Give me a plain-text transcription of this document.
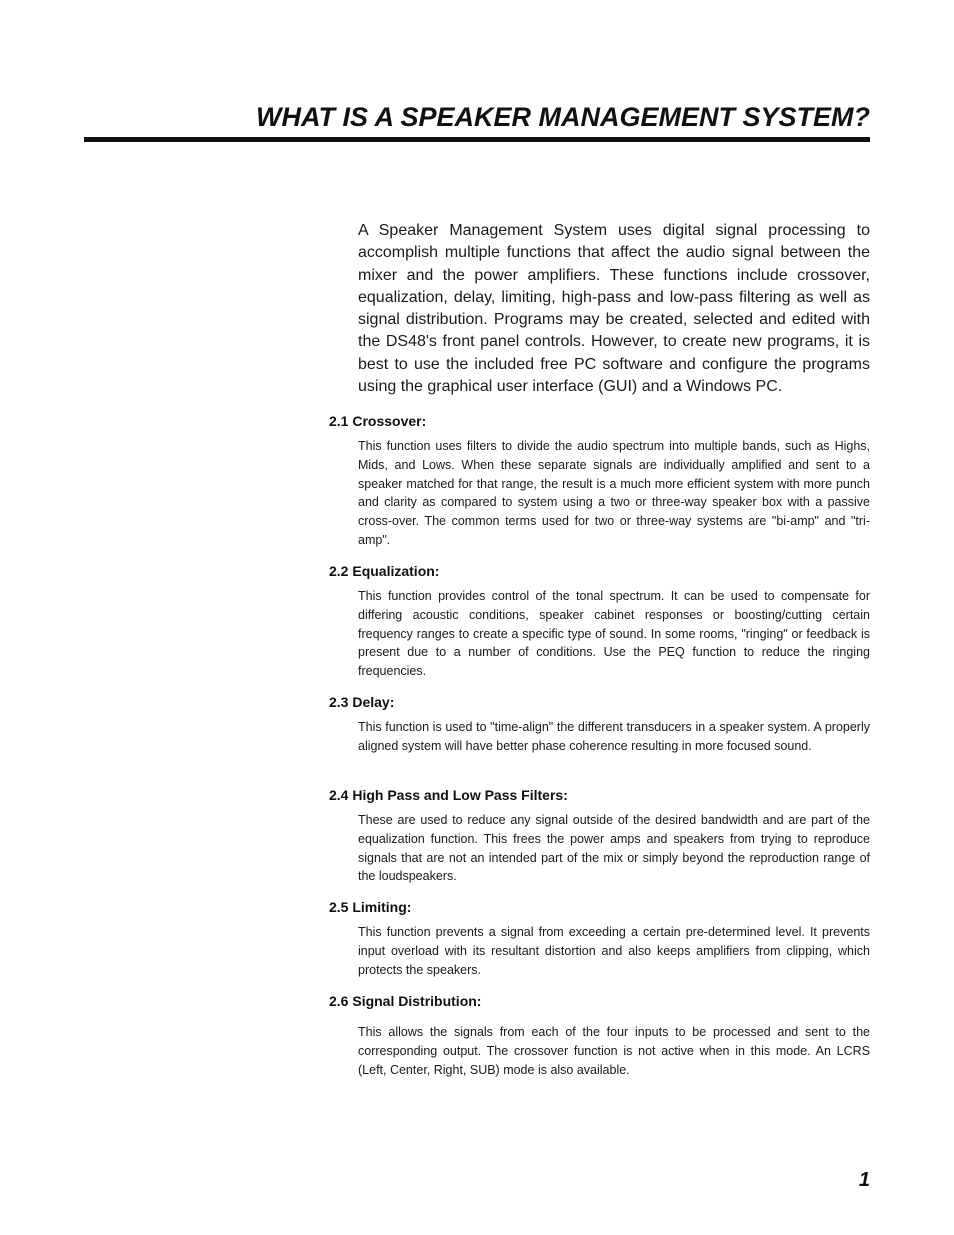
WHAT IS A SPEAKER MANAGEMENT SYSTEM?

A Speaker Management System uses digital signal processing to accomplish multiple functions that affect the audio signal between the mixer and the power amplifiers. These functions include crossover, equalization, delay, limiting, high-pass and low-pass filtering as well as signal distribution. Programs may be created, selected and edited with the DS48's front panel controls. However, to create new programs, it is best to use the included free PC software and configure the programs using the graphical user interface (GUI) and a Windows PC.

2.1 Crossover:

This function uses filters to divide the audio spectrum into multiple bands, such as Highs, Mids, and Lows. When these separate signals are individually amplified and sent to a speaker matched for that range, the result is a much more efficient system with more punch and clarity as compared to system using a two or three-way speaker box with a passive cross-over. The common terms used for two or three-way systems are "bi-amp" and "tri-amp".

2.2 Equalization:

This function provides control of the tonal spectrum. It can be used to compensate for differing acoustic conditions, speaker cabinet responses or boosting/cutting certain frequency ranges to create a specific type of sound. In some rooms, "ringing" or feedback is present due to a number of conditions. Use the PEQ function to reduce the ringing frequencies.

2.3 Delay:

This function is used to "time-align" the different transducers in a speaker system. A properly aligned system will have better phase coherence resulting in more focused sound.

2.4 High Pass and Low Pass Filters:

These are used to reduce any signal outside of the desired bandwidth and are part of the equalization function. This frees the power amps and speakers from trying to reproduce signals that are not an intended part of the mix or simply beyond the reproduction range of the loudspeakers.

2.5 Limiting:

This function prevents a signal from exceeding a certain pre-determined level. It prevents input overload with its resultant distortion and also keeps amplifiers from clipping, which protects the speakers.

2.6 Signal Distribution:

This allows the signals from each of the four inputs to be processed and sent to the corresponding output. The crossover function is not active when in this mode. An LCRS (Left, Center, Right, SUB) mode is also available.

1
